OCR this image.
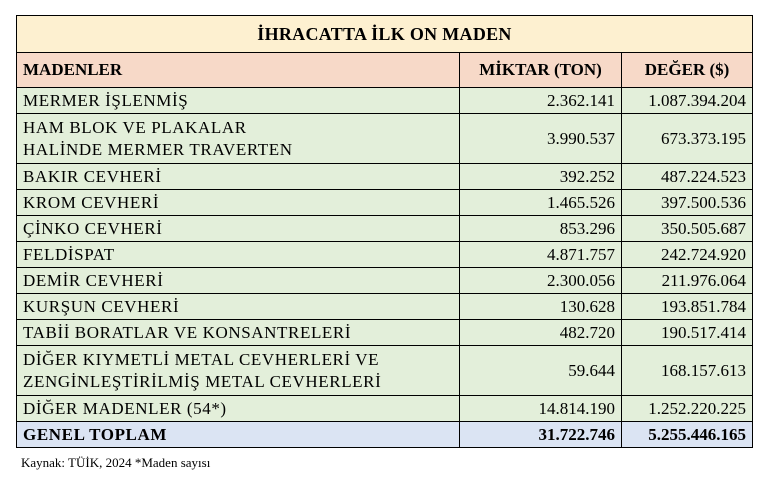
İHRACATTA İLK ON MADEN		
MADENLER	MİKTAR (TON)	DEĞER ($)
MERMER İŞLENMİŞ	2.362.141	1.087.394.204
HAM BLOK VE PLAKALAR
HALİNDE MERMER TRAVERTEN	3.990.537	673.373.195
BAKIR CEVHERİ	392.252	487.224.523
KROM CEVHERİ	1.465.526	397.500.536
ÇİNKO CEVHERİ	853.296	350.505.687
FELDİSPAT	4.871.757	242.724.920
DEMİR CEVHERİ	2.300.056	211.976.064
KURŞUN CEVHERİ	130.628	193.851.784
TABİİ BORATLAR VE KONSANTRELERİ	482.720	190.517.414
DİĞER KIYMETLİ METAL CEVHERLERİ VE
ZENGİNLEŞTİRİLMİŞ METAL CEVHERLERİ	59.644	168.157.613
DİĞER MADENLER (54*)	14.814.190	1.252.220.225
GENEL TOPLAM	31.722.746	5.255.446.165
Kaynak: TÜİK, 2024 *Maden sayısı
